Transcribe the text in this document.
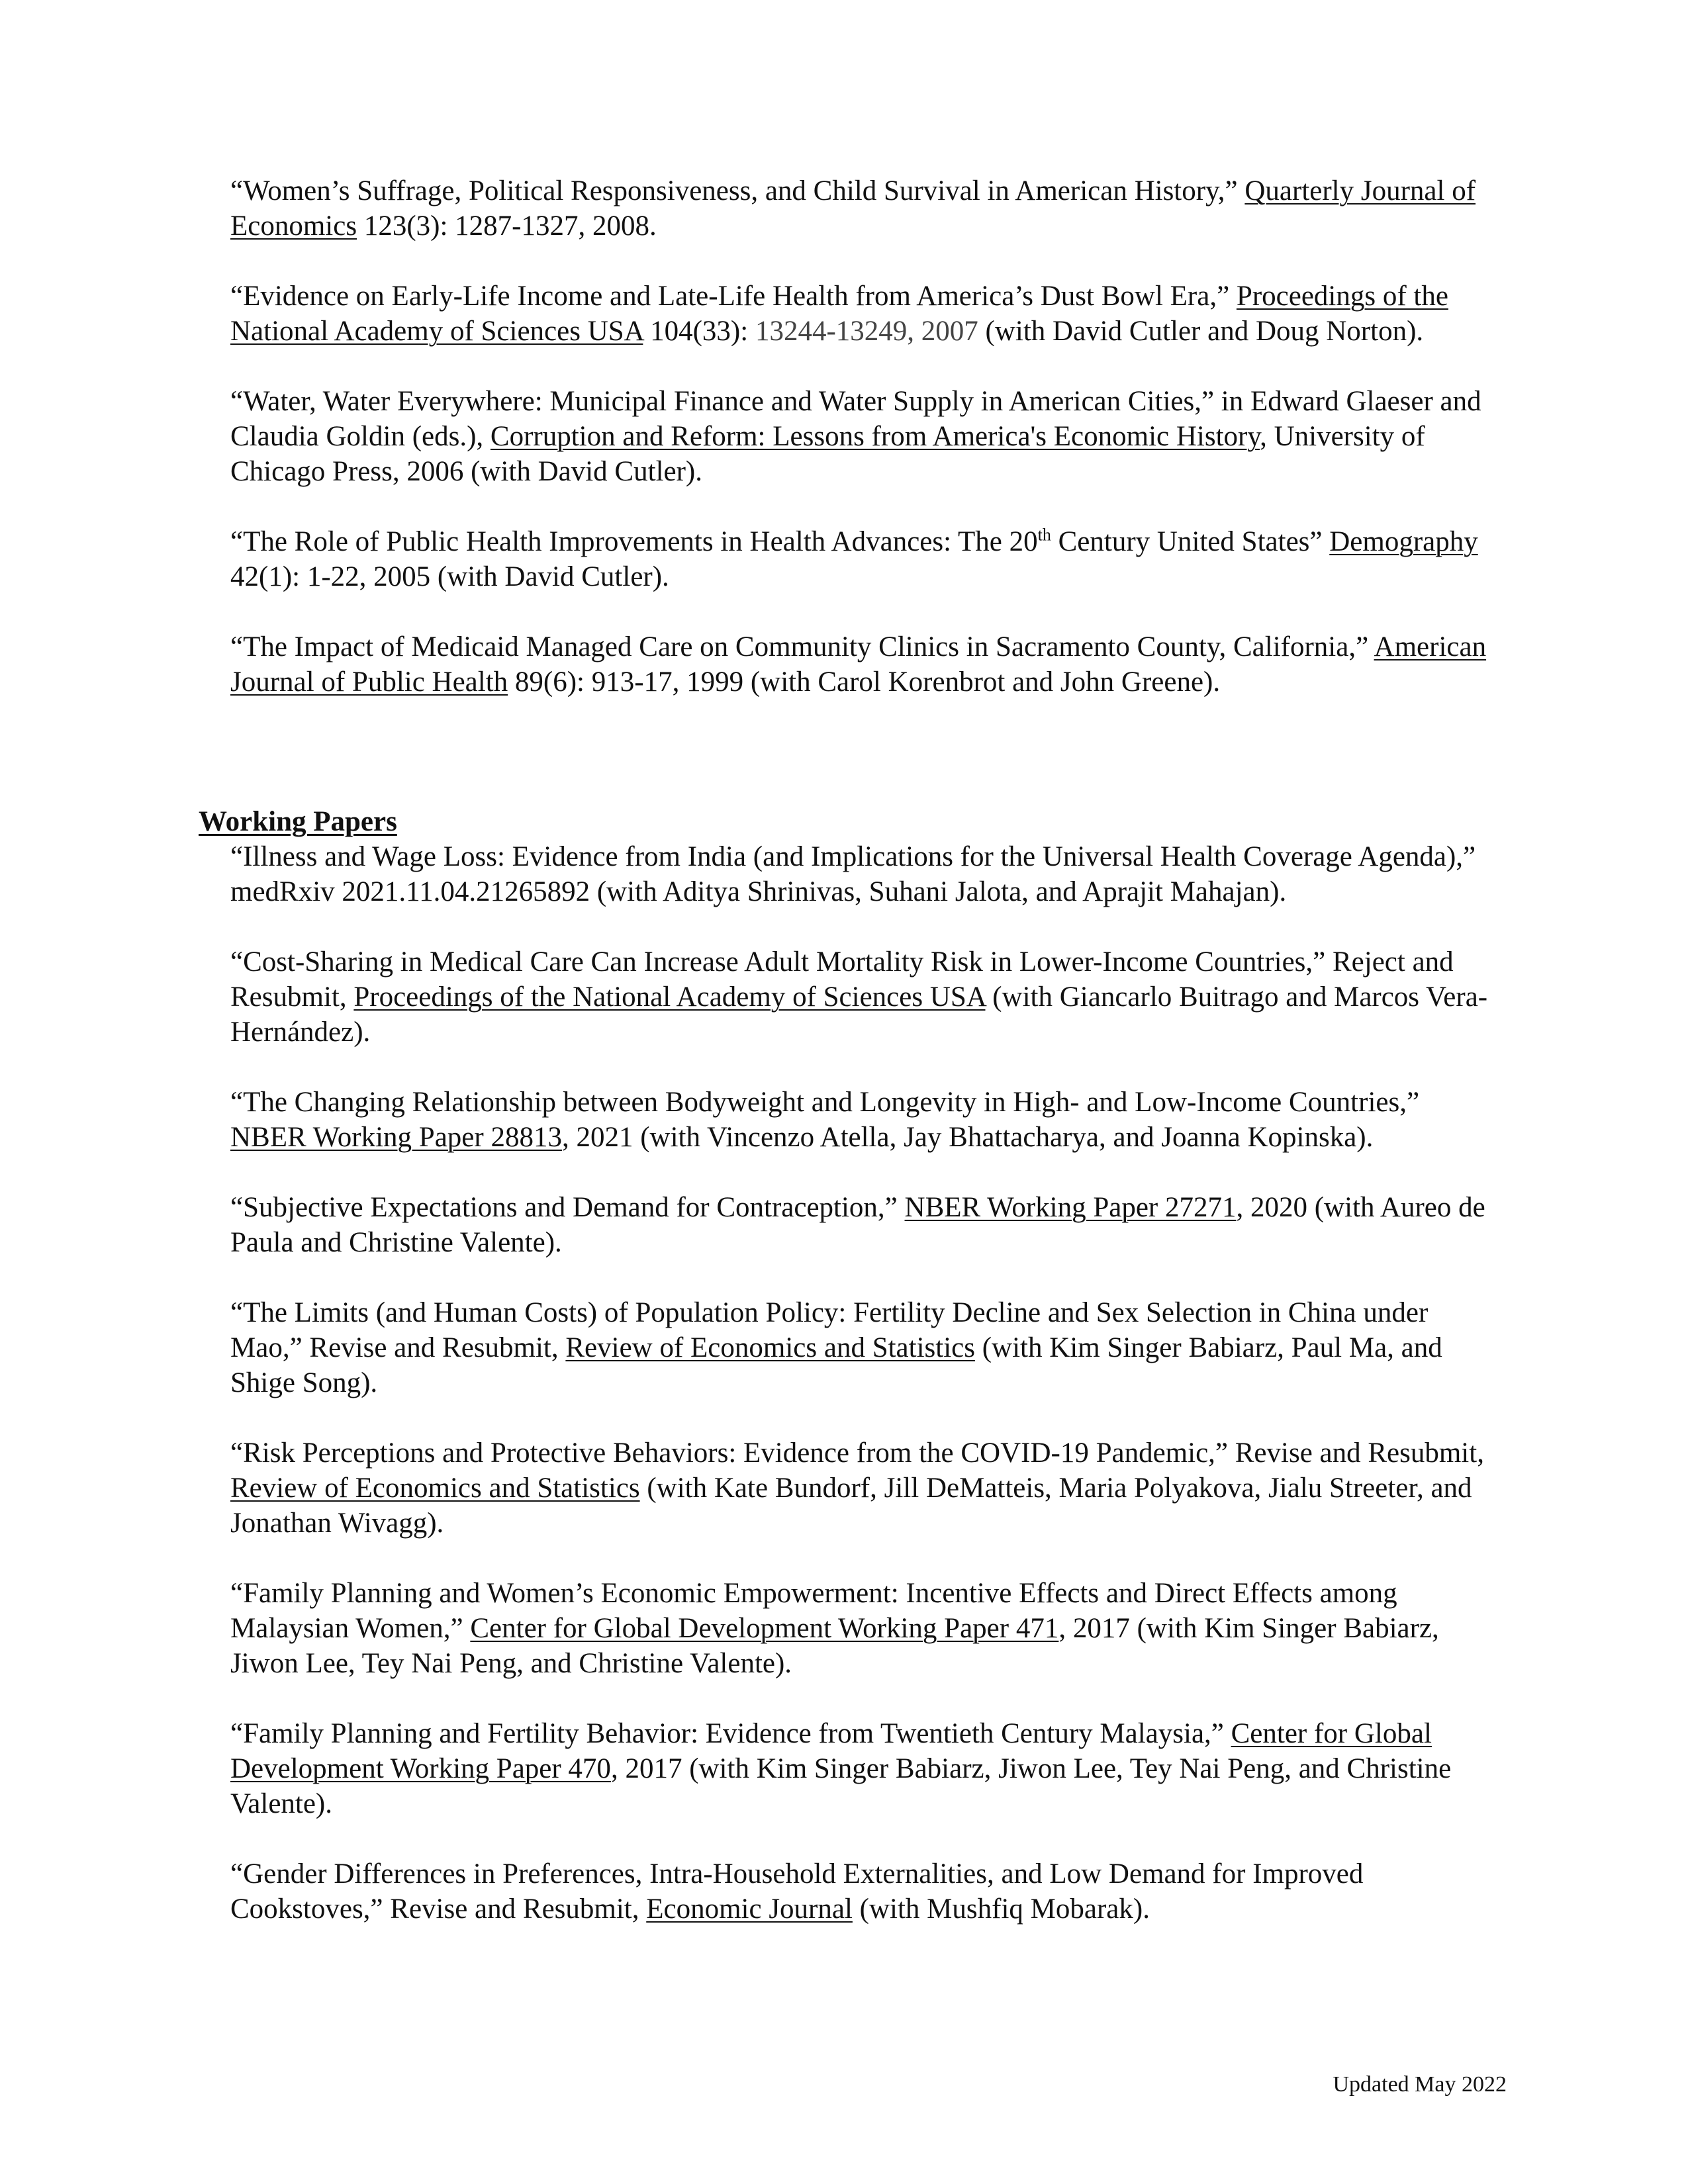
“Women’s Suffrage, Political Responsiveness, and Child Survival in American History,” Quarterly Journal of Economics 123(3): 1287-1327, 2008.

“Evidence on Early-Life Income and Late-Life Health from America’s Dust Bowl Era,” Proceedings of the National Academy of Sciences USA 104(33): 13244-13249, 2007 (with David Cutler and Doug Norton).

“Water, Water Everywhere: Municipal Finance and Water Supply in American Cities,” in Edward Glaeser and Claudia Goldin (eds.), Corruption and Reform: Lessons from America's Economic History, University of Chicago Press, 2006 (with David Cutler).

“The Role of Public Health Improvements in Health Advances: The 20th Century United States” Demography 42(1): 1-22, 2005 (with David Cutler).

“The Impact of Medicaid Managed Care on Community Clinics in Sacramento County, California,” American Journal of Public Health 89(6): 913-17, 1999 (with Carol Korenbrot and John Greene).

Working Papers

“Illness and Wage Loss: Evidence from India (and Implications for the Universal Health Coverage Agenda),” medRxiv 2021.11.04.21265892 (with Aditya Shrinivas, Suhani Jalota, and Aprajit Mahajan).

“Cost-Sharing in Medical Care Can Increase Adult Mortality Risk in Lower-Income Countries,” Reject and Resubmit, Proceedings of the National Academy of Sciences USA (with Giancarlo Buitrago and Marcos Vera-Hernández).

“The Changing Relationship between Bodyweight and Longevity in High- and Low-Income Countries,” NBER Working Paper 28813, 2021 (with Vincenzo Atella, Jay Bhattacharya, and Joanna Kopinska).

“Subjective Expectations and Demand for Contraception,” NBER Working Paper 27271, 2020 (with Aureo de Paula and Christine Valente).

“The Limits (and Human Costs) of Population Policy: Fertility Decline and Sex Selection in China under Mao,” Revise and Resubmit, Review of Economics and Statistics (with Kim Singer Babiarz, Paul Ma, and Shige Song).

“Risk Perceptions and Protective Behaviors: Evidence from the COVID-19 Pandemic,” Revise and Resubmit, Review of Economics and Statistics (with Kate Bundorf, Jill DeMatteis, Maria Polyakova, Jialu Streeter, and Jonathan Wivagg).

“Family Planning and Women’s Economic Empowerment: Incentive Effects and Direct Effects among Malaysian Women,” Center for Global Development Working Paper 471, 2017 (with Kim Singer Babiarz, Jiwon Lee, Tey Nai Peng, and Christine Valente).

“Family Planning and Fertility Behavior: Evidence from Twentieth Century Malaysia,” Center for Global Development Working Paper 470, 2017 (with Kim Singer Babiarz, Jiwon Lee, Tey Nai Peng, and Christine Valente).

“Gender Differences in Preferences, Intra-Household Externalities, and Low Demand for Improved Cookstoves,” Revise and Resubmit, Economic Journal (with Mushfiq Mobarak).

Updated May 2022
